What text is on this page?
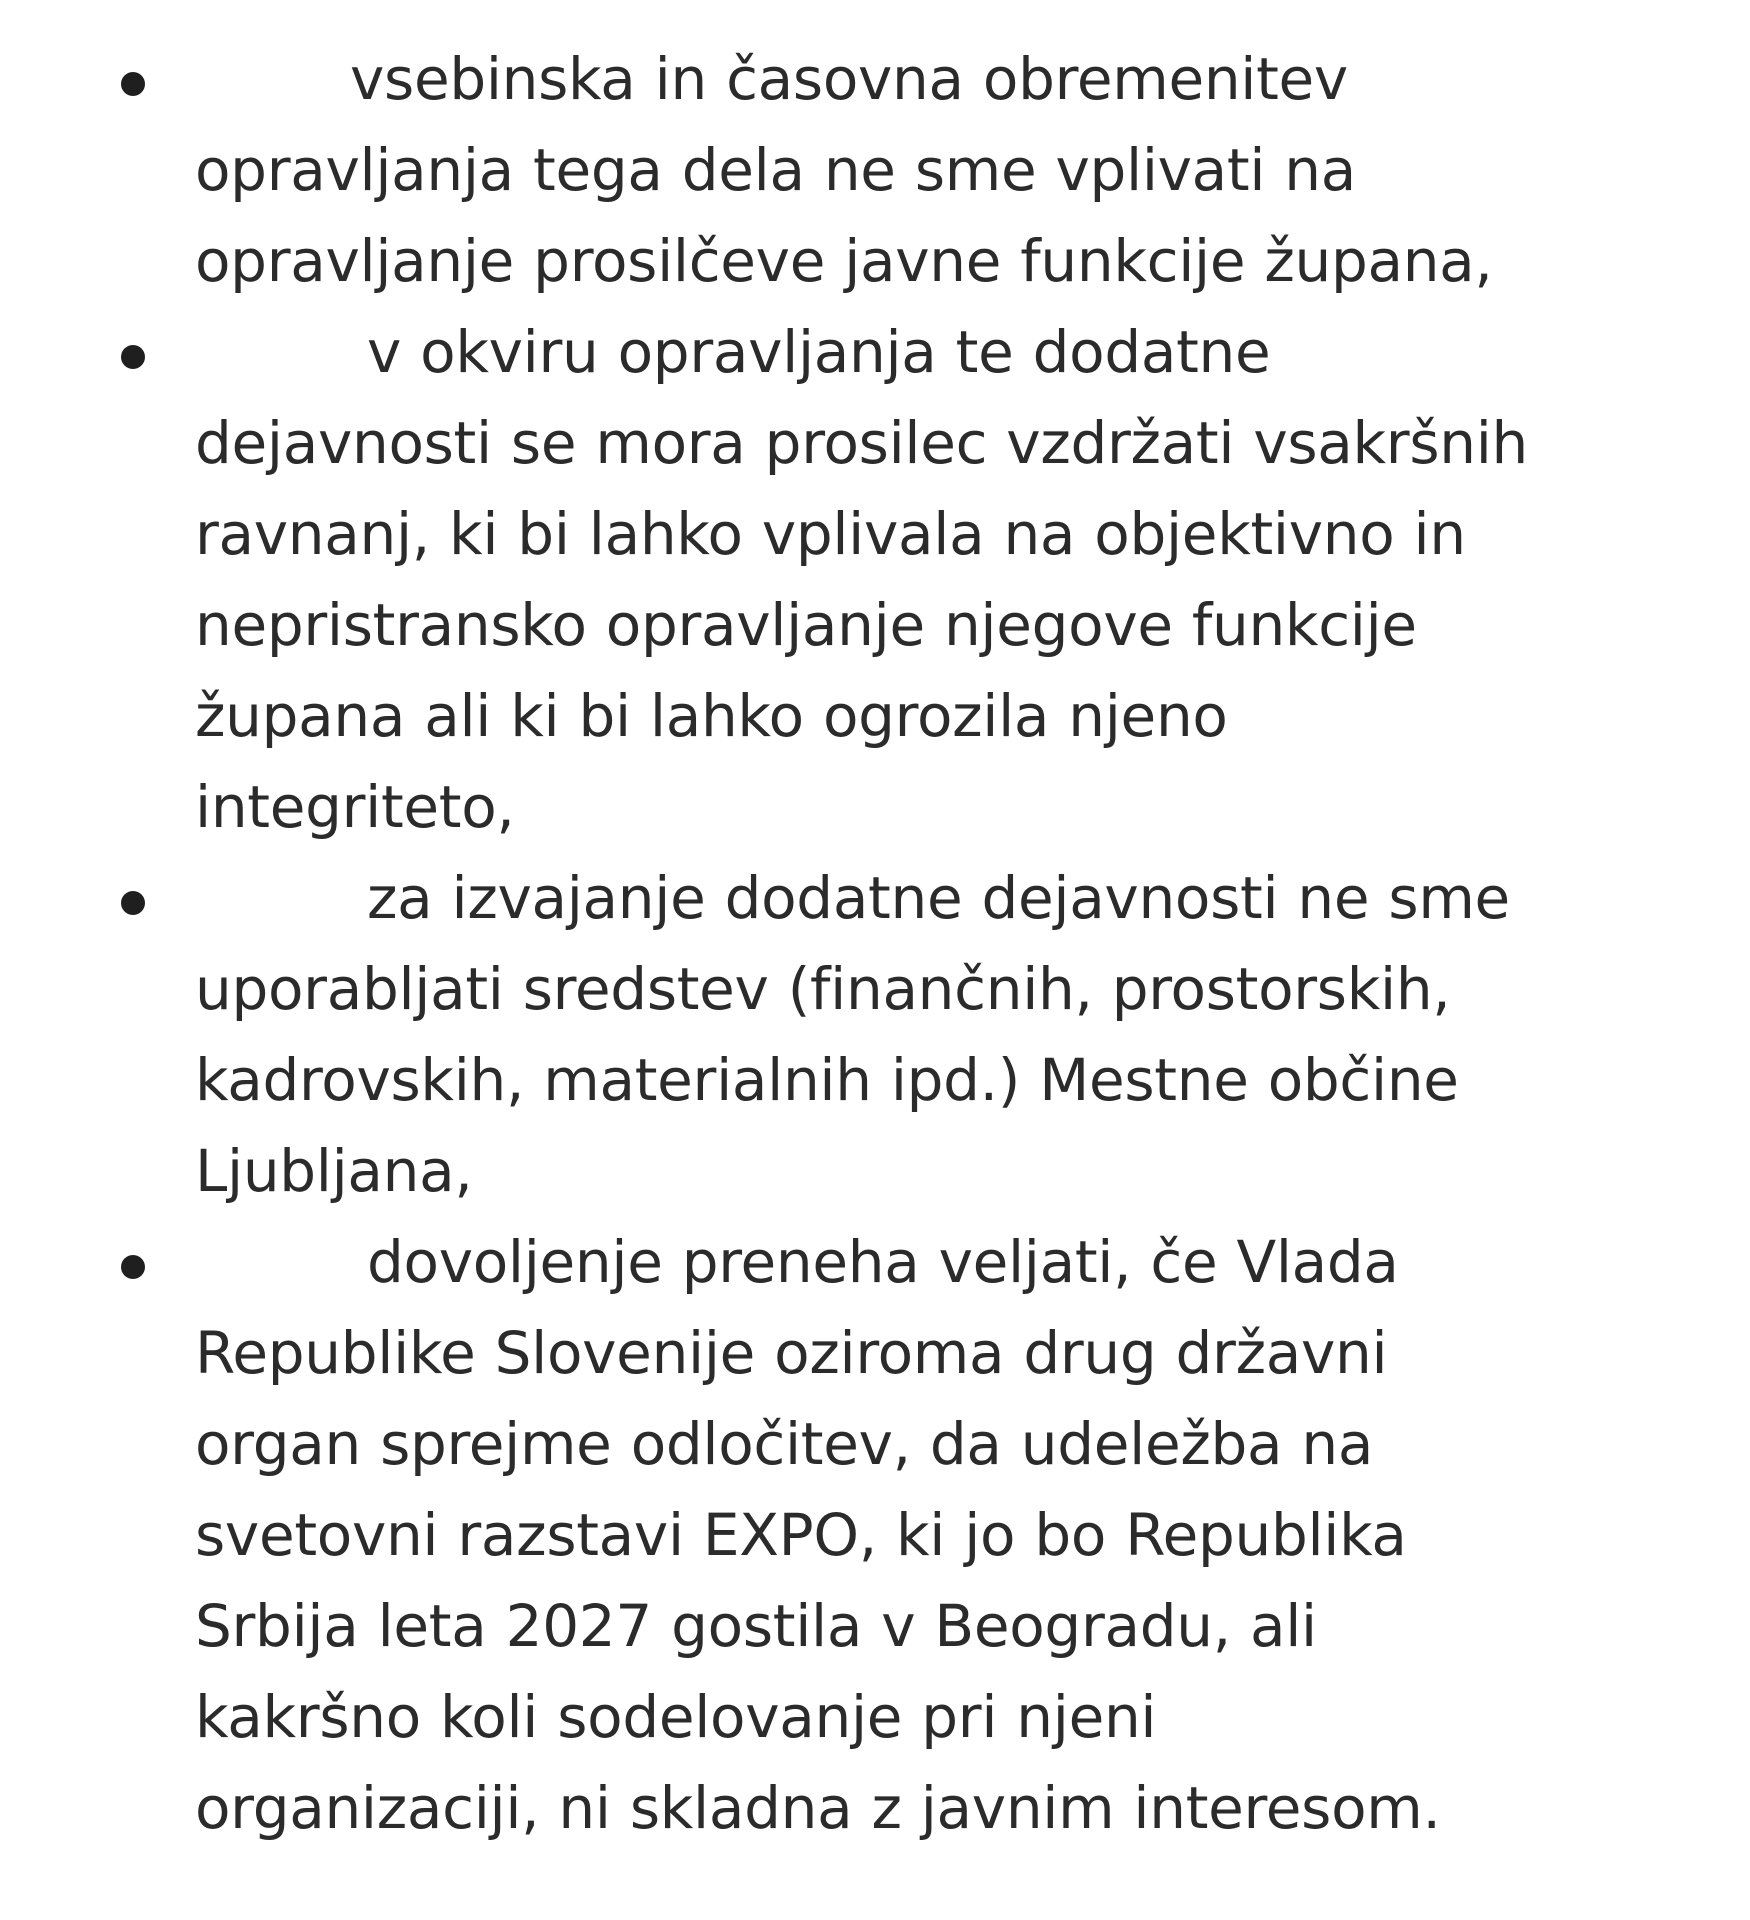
vsebinska in časovna obremenitev
opravljanja tega dela ne sme vplivati na
opravljanje prosilčeve javne funkcije župana,
v okviru opravljanja te dodatne
dejavnosti se mora prosilec vzdržati vsakršnih
ravnanj, ki bi lahko vplivala na objektivno in
nepristransko opravljanje njegove funkcije
župana ali ki bi lahko ogrozila njeno
integriteto,
za izvajanje dodatne dejavnosti ne sme
uporabljati sredstev (finančnih, prostorskih,
kadrovskih, materialnih ipd.) Mestne občine
Ljubljana,
dovoljenje preneha veljati, če Vlada
Republike Slovenije oziroma drug državni
organ sprejme odločitev, da udeležba na
svetovni razstavi EXPO, ki jo bo Republika
Srbija leta 2027 gostila v Beogradu, ali
kakršno koli sodelovanje pri njeni
organizaciji, ni skladna z javnim interesom.
